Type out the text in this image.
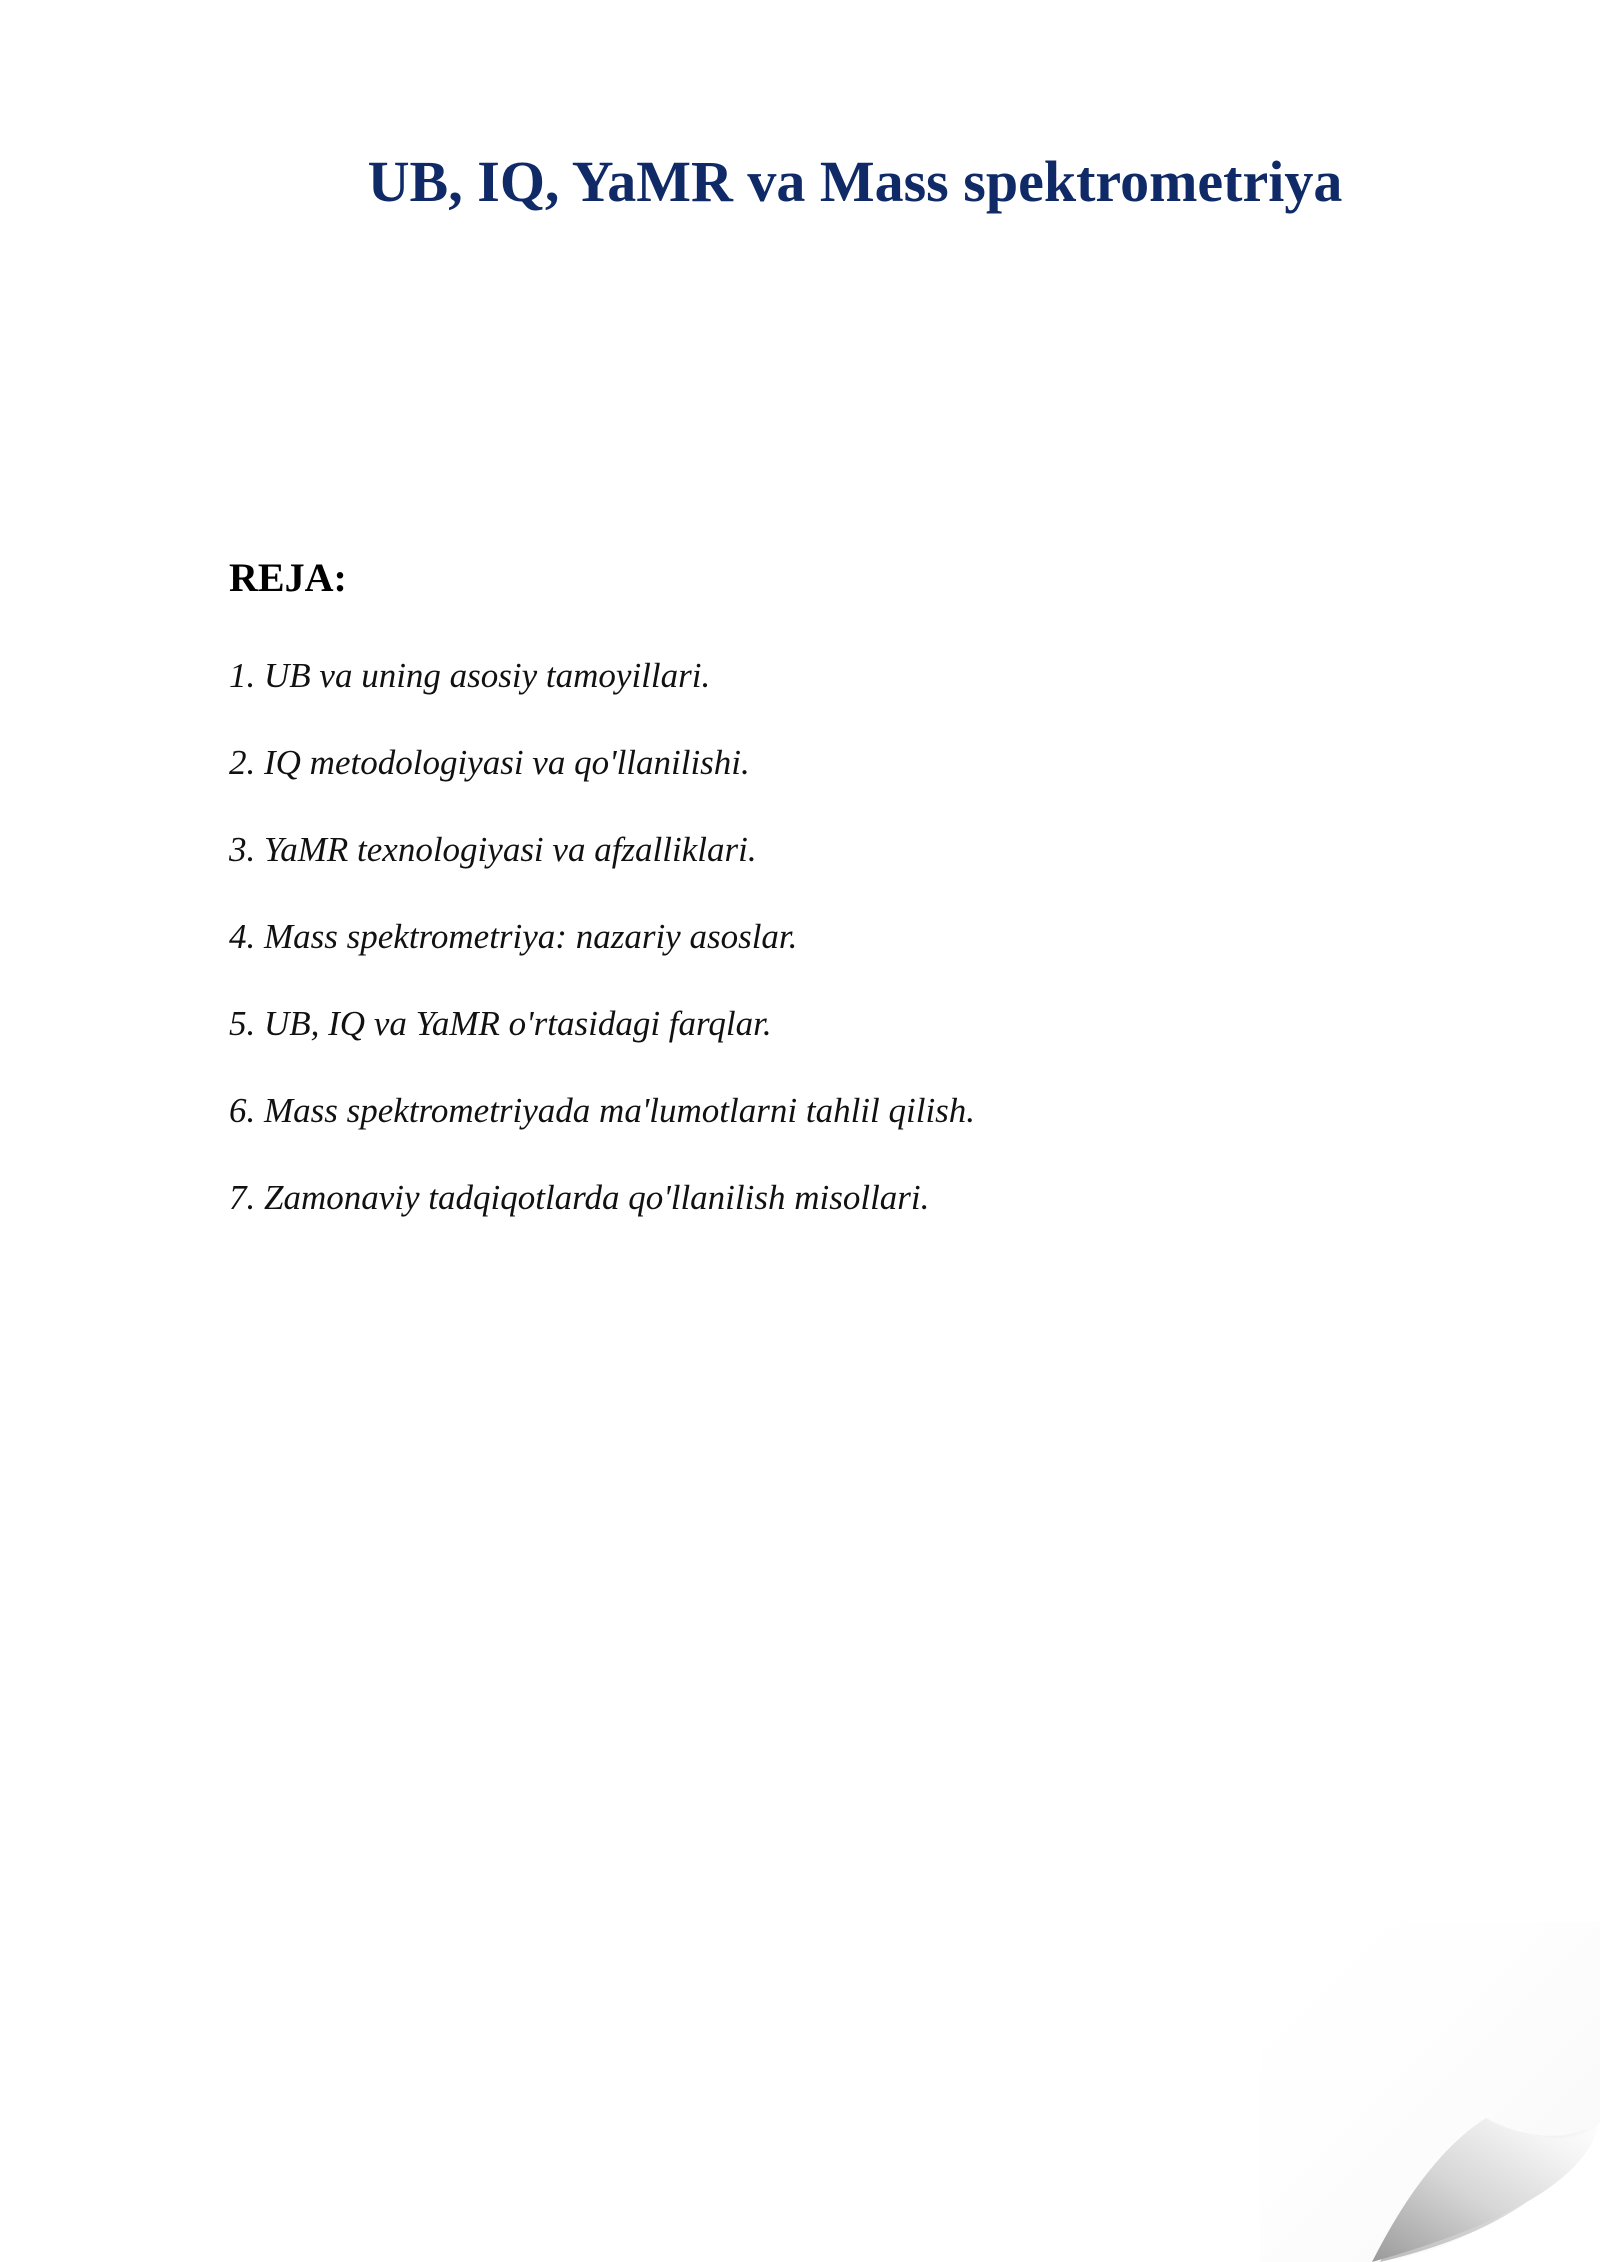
UB, IQ, YaMR va Mass spektrometriya
REJA:
1. UB va uning asosiy tamoyillari.
2. IQ metodologiyasi va qo'llanilishi.
3. YaMR texnologiyasi va afzalliklari.
4. Mass spektrometriya: nazariy asoslar.
5. UB, IQ va YaMR o'rtasidagi farqlar.
6. Mass spektrometriyada ma'lumotlarni tahlil qilish.
7. Zamonaviy tadqiqotlarda qo'llanilish misollari.
